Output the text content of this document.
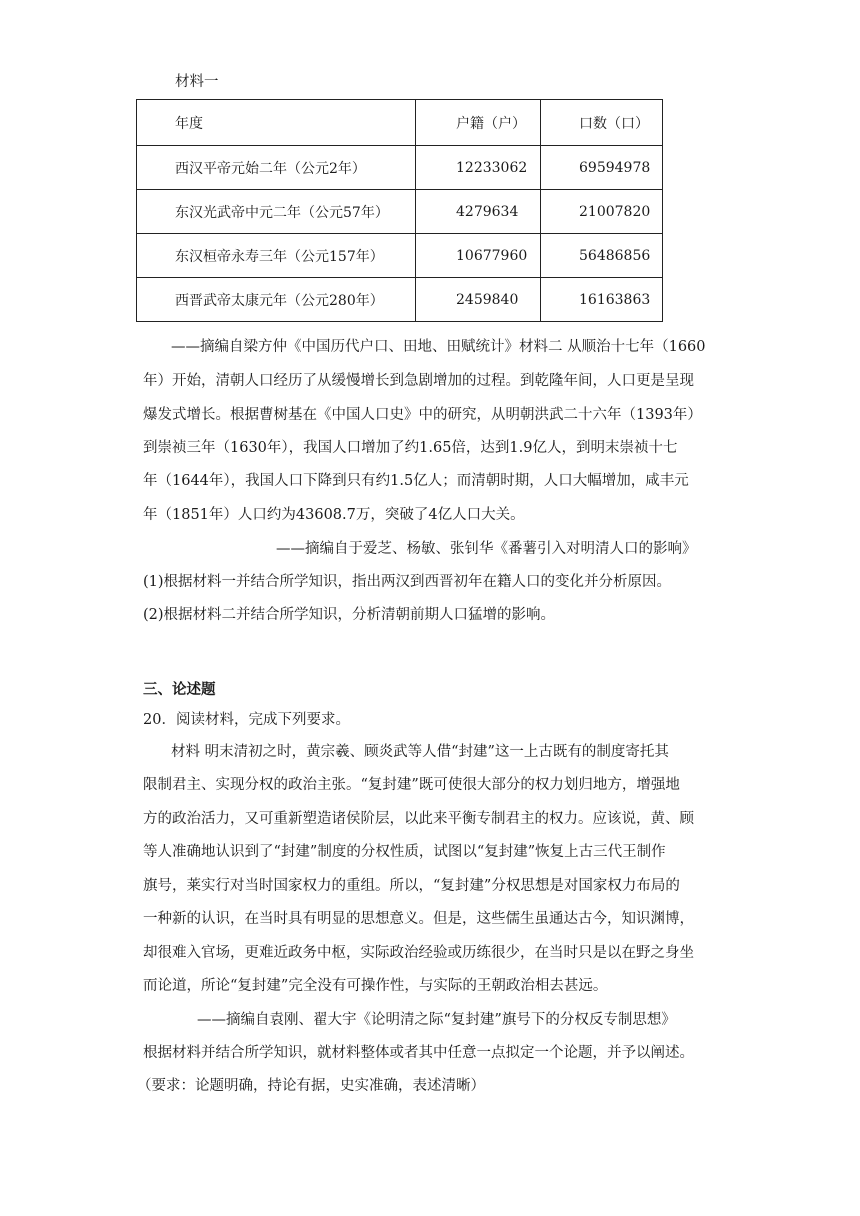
材料一
年度	户籍（户）	口数（口）
西汉平帝元始二年（公元2年）	12233062	69594978
东汉光武帝中元二年（公元57年）	4279634	21007820
东汉桓帝永寿三年（公元157年）	10677960	56486856
西晋武帝太康元年（公元280年）	2459840	16163863
——摘编自梁方仲《中国历代户口、田地、田赋统计》材料二 从顺治十七年（1660
年）开始，清朝人口经历了从缓慢增长到急剧增加的过程。到乾隆年间，人口更是呈现
爆发式增长。根据曹树基在《中国人口史》中的研究，从明朝洪武二十六年（1393年）
到崇祯三年（1630年），我国人口增加了约1.65倍，达到1.9亿人，到明末崇祯十七
年（1644年），我国人口下降到只有约1.5亿人；而清朝时期，人口大幅增加，咸丰元
年（1851年）人口约为43608.7万，突破了4亿人口大关。
——摘编自于爱芝、杨敏、张钊华《番薯引入对明清人口的影响》
(1)根据材料一并结合所学知识，指出两汉到西晋初年在籍人口的变化并分析原因。
(2)根据材料二并结合所学知识，分析清朝前期人口猛增的影响。
三、论述题
20．阅读材料，完成下列要求。
材料 明末清初之时，黄宗羲、顾炎武等人借“封建”这一上古既有的制度寄托其
限制君主、实现分权的政治主张。“复封建”既可使很大部分的权力划归地方，增强地
方的政治活力，又可重新塑造诸侯阶层，以此来平衡专制君主的权力。应该说，黄、顾
等人准确地认识到了“封建”制度的分权性质，试图以“复封建”恢复上古三代王制作
旗号，莱实行对当时国家权力的重组。所以，“复封建”分权思想是对国家权力布局的
一种新的认识，在当时具有明显的思想意义。但是，这些儒生虽通达古今，知识渊博，
却很难入官场，更难近政务中枢，实际政治经验或历练很少，在当时只是以在野之身坐
而论道，所论“复封建”完全没有可操作性，与实际的王朝政治相去甚远。
——摘编自袁刚、翟大宇《论明清之际“复封建”旗号下的分权反专制思想》
根据材料并结合所学知识，就材料整体或者其中任意一点拟定一个论题，并予以阐述。
（要求：论题明确，持论有据，史实准确，表述清晰）
